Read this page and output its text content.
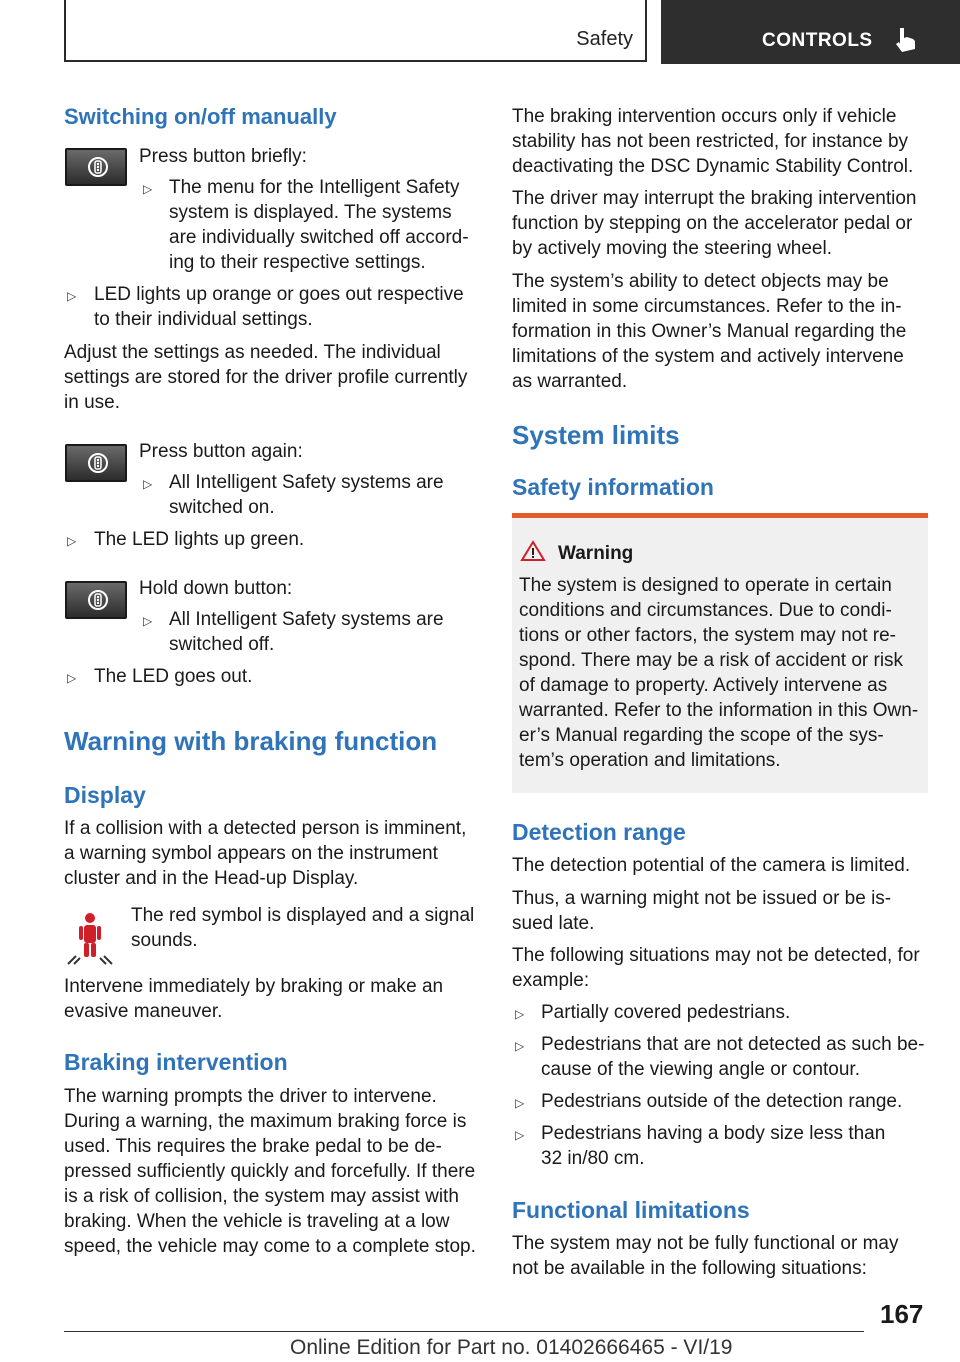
Safety	CONTROLS
Switching on/off manually

Press button briefly:

▷ The menu for the Intelligent Safety

system is displayed. The systems

are individually switched off accord-

ing to their respective settings.

▷ LED lights up orange or goes out respective

to their individual settings.

Adjust the settings as needed. The individual

settings are stored for the driver profile currently

in use.

Press button again:

▷ All Intelligent Safety systems are

switched on.

▷ The LED lights up green.

Hold down button:

▷ All Intelligent Safety systems are

switched off.

▷ The LED goes out.

Warning with braking function
Display

If a collision with a detected person is imminent,

a warning symbol appears on the instrument

cluster and in the Head-up Display.

The red symbol is displayed and a signal

sounds.

Intervene immediately by braking or make an

evasive maneuver.

Braking intervention

The warning prompts the driver to intervene.

During a warning, the maximum braking force is

used. This requires the brake pedal to be de-

pressed sufficiently quickly and forcefully. If there

is a risk of collision, the system may assist with

braking. When the vehicle is traveling at a low

speed, the vehicle may come to a complete stop.

The braking intervention occurs only if vehicle

stability has not been restricted, for instance by

deactivating the DSC Dynamic Stability Control.

The driver may interrupt the braking intervention

function by stepping on the accelerator pedal or

by actively moving the steering wheel.

The system’s ability to detect objects may be

limited in some circumstances. Refer to the in-

formation in this Owner’s Manual regarding the

limitations of the system and actively intervene

as warranted.

System limits
Safety information

Warning

The system is designed to operate in certain

conditions and circumstances. Due to condi-

tions or other factors, the system may not re-

spond. There may be a risk of accident or risk

of damage to property. Actively intervene as

warranted. Refer to the information in this Own-

er’s Manual regarding the scope of the sys-

tem’s operation and limitations.

Detection range

The detection potential of the camera is limited.

Thus, a warning might not be issued or be is-

sued late.

The following situations may not be detected, for

example:

▷ Partially covered pedestrians.

▷ Pedestrians that are not detected as such be-

cause of the viewing angle or contour.

▷ Pedestrians outside of the detection range.

▷ Pedestrians having a body size less than

32 in/80 cm.

Functional limitations

The system may not be fully functional or may

not be available in the following situations:

167
Online Edition for Part no. 01402666465 - VI/19
